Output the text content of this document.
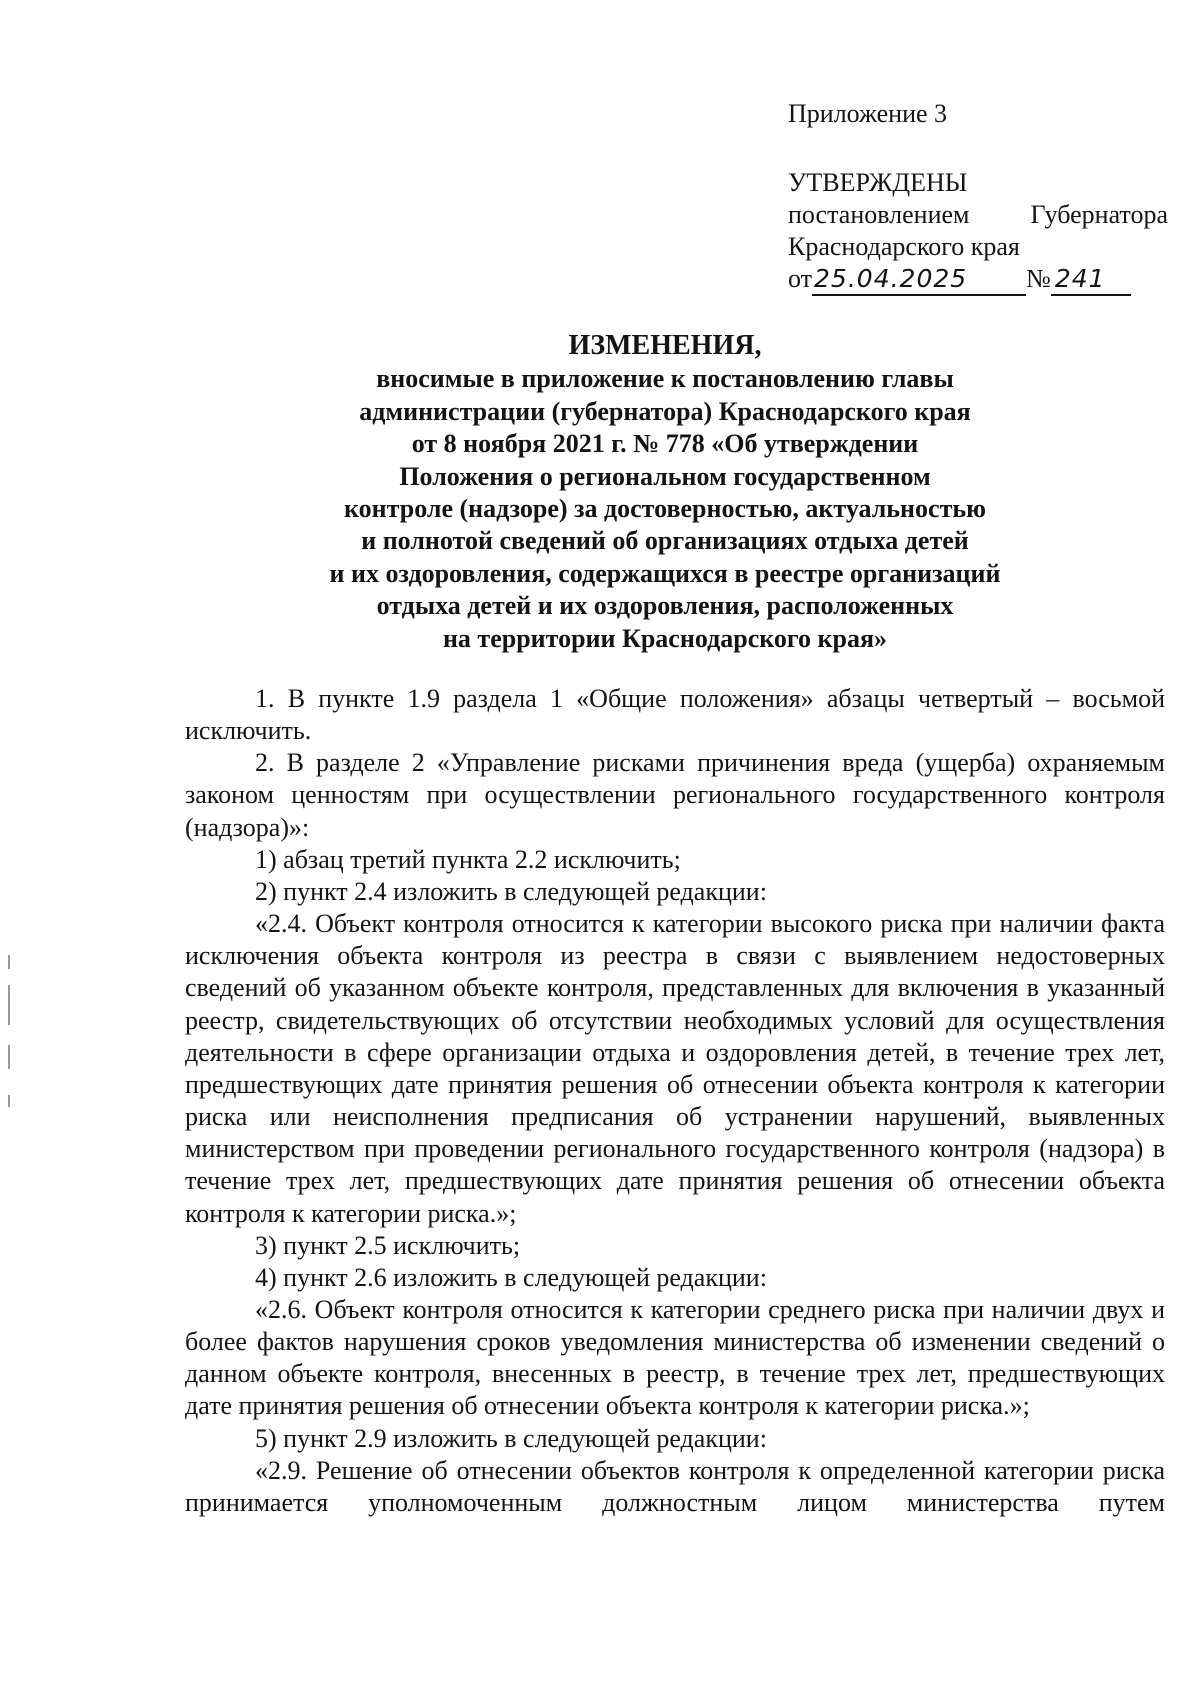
Приложение 3
УТВЕРЖДЕНЫ
постановлением Губернатора
Краснодарского края
от 25.04.2025	№ 241
ИЗМЕНЕНИЯ,
вносимые в приложение к постановлению главы
администрации (губернатора) Краснодарского края
от 8 ноября 2021 г. № 778 «Об утверждении
Положения о региональном государственном
контроле (надзоре) за достоверностью, актуальностью
и полнотой сведений об организациях отдыха детей
и их оздоровления, содержащихся в реестре организаций
отдыха детей и их оздоровления, расположенных
на территории Краснодарского края»

1. В пункте 1.9 раздела 1 «Общие положения» абзацы четвертый – восьмой исключить.

2. В разделе 2 «Управление рисками причинения вреда (ущерба) охраняемым законом ценностям при осуществлении регионального государственного контроля (надзора)»:

1) абзац третий пункта 2.2 исключить;

2) пункт 2.4 изложить в следующей редакции:

«2.4. Объект контроля относится к категории высокого риска при наличии факта исключения объекта контроля из реестра в связи с выявлением недостоверных сведений об указанном объекте контроля, представленных для включения в указанный реестр, свидетельствующих об отсутствии необходимых условий для осуществления деятельности в сфере организации отдыха и оздоровления детей, в течение трех лет, предшествующих дате принятия решения об отнесении объекта контроля к категории риска или неисполнения предписания об устранении нарушений, выявленных министерством при проведении регионального государственного контроля (надзора) в течение трех лет, предшествующих дате принятия решения об отнесении объекта контроля к категории риска.»;

3) пункт 2.5 исключить;

4) пункт 2.6 изложить в следующей редакции:

«2.6. Объект контроля относится к категории среднего риска при наличии двух и более фактов нарушения сроков уведомления министерства об изменении сведений о данном объекте контроля, внесенных в реестр, в течение трех лет, предшествующих дате принятия решения об отнесении объекта контроля к категории риска.»;

5) пункт 2.9 изложить в следующей редакции:

«2.9. Решение об отнесении объектов контроля к определенной категории риска принимается уполномоченным должностным лицом министерства путем
